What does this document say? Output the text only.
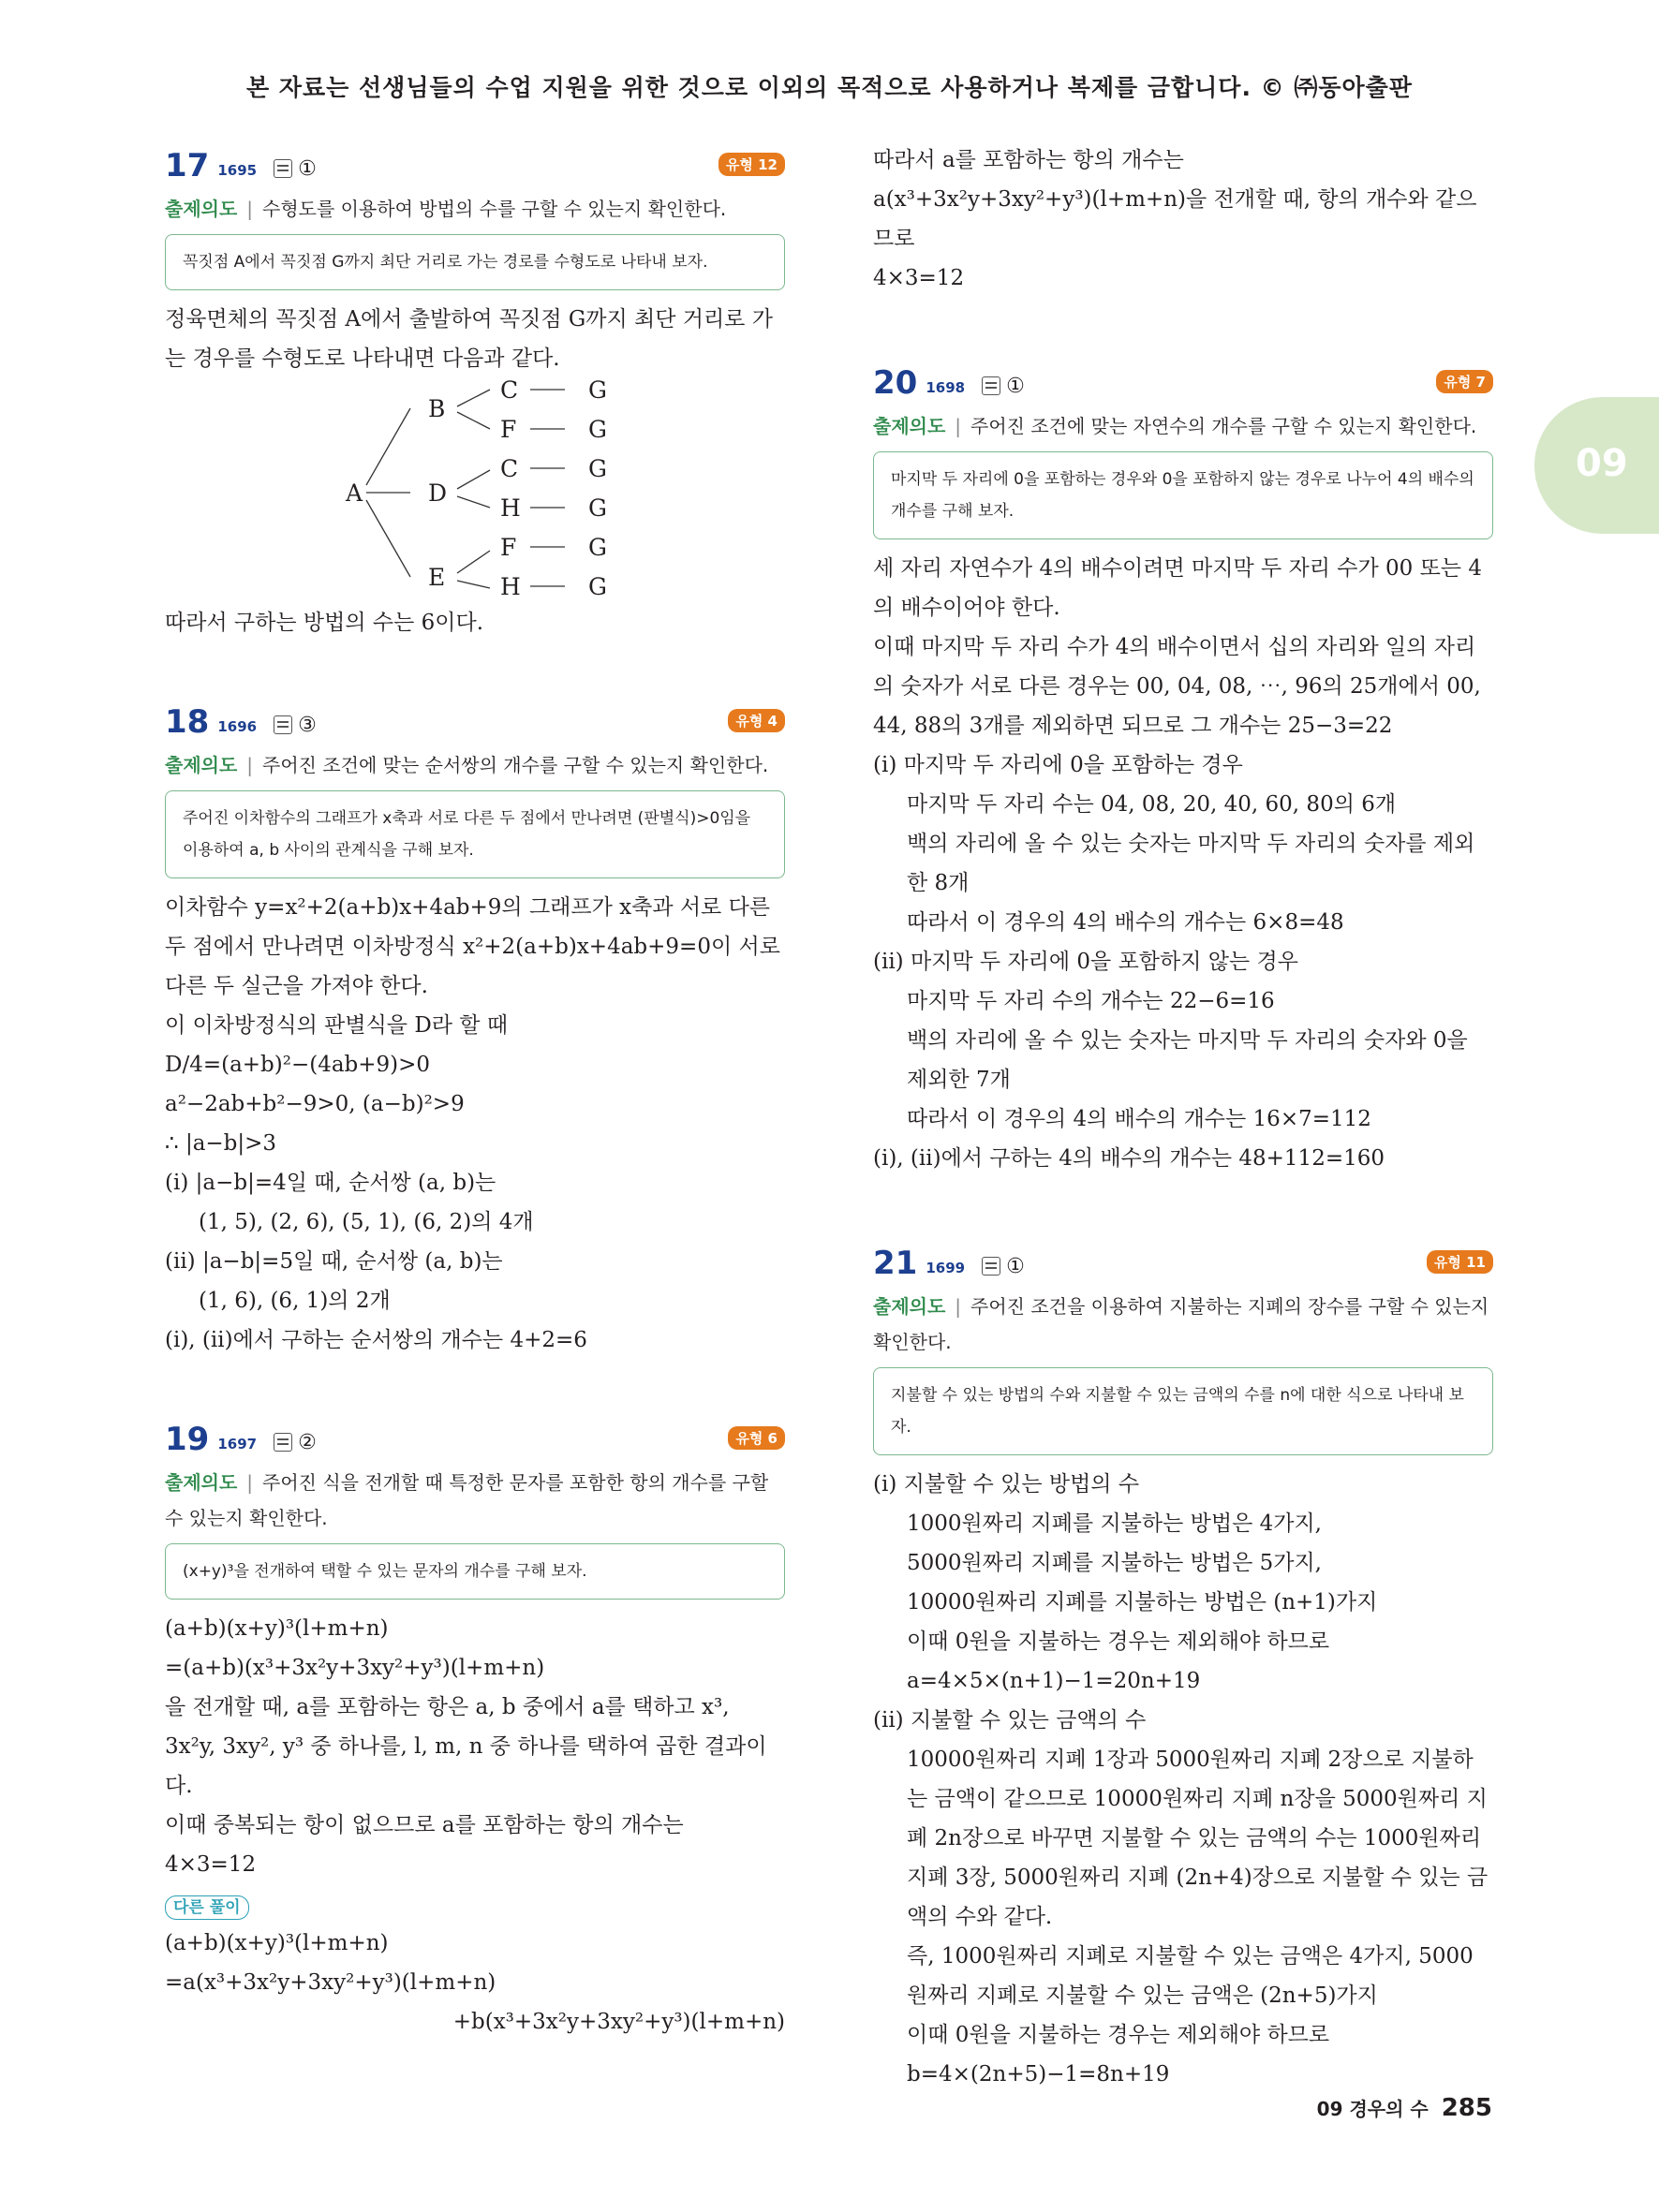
본 자료는 선생님들의 수업 지원을 위한 것으로 이외의 목적으로 사용하거나 복제를 금합니다. © ㈜동아출판
09
17 1695 ①	유형 12
출제의도 | 수형도를 이용하여 방법의 수를 구할 수 있는지 확인한다.
꼭짓점 A에서 꼭짓점 G까지 최단 거리로 가는 경로를 수형도로 나타내 보자.

정육면체의 꼭짓점 A에서 출발하여 꼭짓점 G까지 최단 거리로 가는 경우를 수형도로 나타내면 다음과 같다.

A
B
D
E
C
F
C
H
F
H
G
G
G
G
G
G

따라서 구하는 방법의 수는 6이다.

18 1696 ③	유형 4
출제의도 | 주어진 조건에 맞는 순서쌍의 개수를 구할 수 있는지 확인한다.
주어진 이차함수의 그래프가 x축과 서로 다른 두 점에서 만나려면 (판별식)>0임을 이용하여 a, b 사이의 관계식을 구해 보자.

이차함수 y=x²+2(a+b)x+4ab+9의 그래프가 x축과 서로 다른 두 점에서 만나려면 이차방정식 x²+2(a+b)x+4ab+9=0이 서로 다른 두 실근을 가져야 한다.

이 이차방정식의 판별식을 D라 할 때

D/4=(a+b)²−(4ab+9)>0

a²−2ab+b²−9>0, (a−b)²>9

∴ |a−b|>3

(ⅰ) |a−b|=4일 때, 순서쌍 (a, b)는

(1, 5), (2, 6), (5, 1), (6, 2)의 4개

(ⅱ) |a−b|=5일 때, 순서쌍 (a, b)는

(1, 6), (6, 1)의 2개

(ⅰ), (ⅱ)에서 구하는 순서쌍의 개수는 4+2=6

19 1697 ②	유형 6
출제의도 | 주어진 식을 전개할 때 특정한 문자를 포함한 항의 개수를 구할 수 있는지 확인한다.
(x+y)³을 전개하여 택할 수 있는 문자의 개수를 구해 보자.

(a+b)(x+y)³(l+m+n)

=(a+b)(x³+3x²y+3xy²+y³)(l+m+n)

을 전개할 때, a를 포함하는 항은 a, b 중에서 a를 택하고 x³, 3x²y, 3xy², y³ 중 하나를, l, m, n 중 하나를 택하여 곱한 결과이다.

이때 중복되는 항이 없으므로 a를 포함하는 항의 개수는

4×3=12

다른 풀이

(a+b)(x+y)³(l+m+n)

=a(x³+3x²y+3xy²+y³)(l+m+n)

+b(x³+3x²y+3xy²+y³)(l+m+n)

따라서 a를 포함하는 항의 개수는

a(x³+3x²y+3xy²+y³)(l+m+n)을 전개할 때, 항의 개수와 같으므로

4×3=12

20 1698 ①	유형 7
출제의도 | 주어진 조건에 맞는 자연수의 개수를 구할 수 있는지 확인한다.
마지막 두 자리에 0을 포함하는 경우와 0을 포함하지 않는 경우로 나누어 4의 배수의 개수를 구해 보자.

세 자리 자연수가 4의 배수이려면 마지막 두 자리 수가 00 또는 4의 배수이어야 한다.

이때 마지막 두 자리 수가 4의 배수이면서 십의 자리와 일의 자리의 숫자가 서로 다른 경우는 00, 04, 08, ⋯, 96의 25개에서 00, 44, 88의 3개를 제외하면 되므로 그 개수는 25−3=22

(ⅰ) 마지막 두 자리에 0을 포함하는 경우

마지막 두 자리 수는 04, 08, 20, 40, 60, 80의 6개

백의 자리에 올 수 있는 숫자는 마지막 두 자리의 숫자를 제외한 8개

따라서 이 경우의 4의 배수의 개수는 6×8=48

(ⅱ) 마지막 두 자리에 0을 포함하지 않는 경우

마지막 두 자리 수의 개수는 22−6=16

백의 자리에 올 수 있는 숫자는 마지막 두 자리의 숫자와 0을 제외한 7개

따라서 이 경우의 4의 배수의 개수는 16×7=112

(ⅰ), (ⅱ)에서 구하는 4의 배수의 개수는 48+112=160

21 1699 ①	유형 11
출제의도 | 주어진 조건을 이용하여 지불하는 지폐의 장수를 구할 수 있는지 확인한다.
지불할 수 있는 방법의 수와 지불할 수 있는 금액의 수를 n에 대한 식으로 나타내 보자.

(ⅰ) 지불할 수 있는 방법의 수

1000원짜리 지폐를 지불하는 방법은 4가지,

5000원짜리 지폐를 지불하는 방법은 5가지,

10000원짜리 지폐를 지불하는 방법은 (n+1)가지

이때 0원을 지불하는 경우는 제외해야 하므로

a=4×5×(n+1)−1=20n+19

(ⅱ) 지불할 수 있는 금액의 수

10000원짜리 지폐 1장과 5000원짜리 지폐 2장으로 지불하는 금액이 같으므로 10000원짜리 지폐 n장을 5000원짜리 지폐 2n장으로 바꾸면 지불할 수 있는 금액의 수는 1000원짜리 지폐 3장, 5000원짜리 지폐 (2n+4)장으로 지불할 수 있는 금액의 수와 같다.

즉, 1000원짜리 지폐로 지불할 수 있는 금액은 4가지, 5000원짜리 지폐로 지불할 수 있는 금액은 (2n+5)가지

이때 0원을 지불하는 경우는 제외해야 하므로

b=4×(2n+5)−1=8n+19

09 경우의 수 285
